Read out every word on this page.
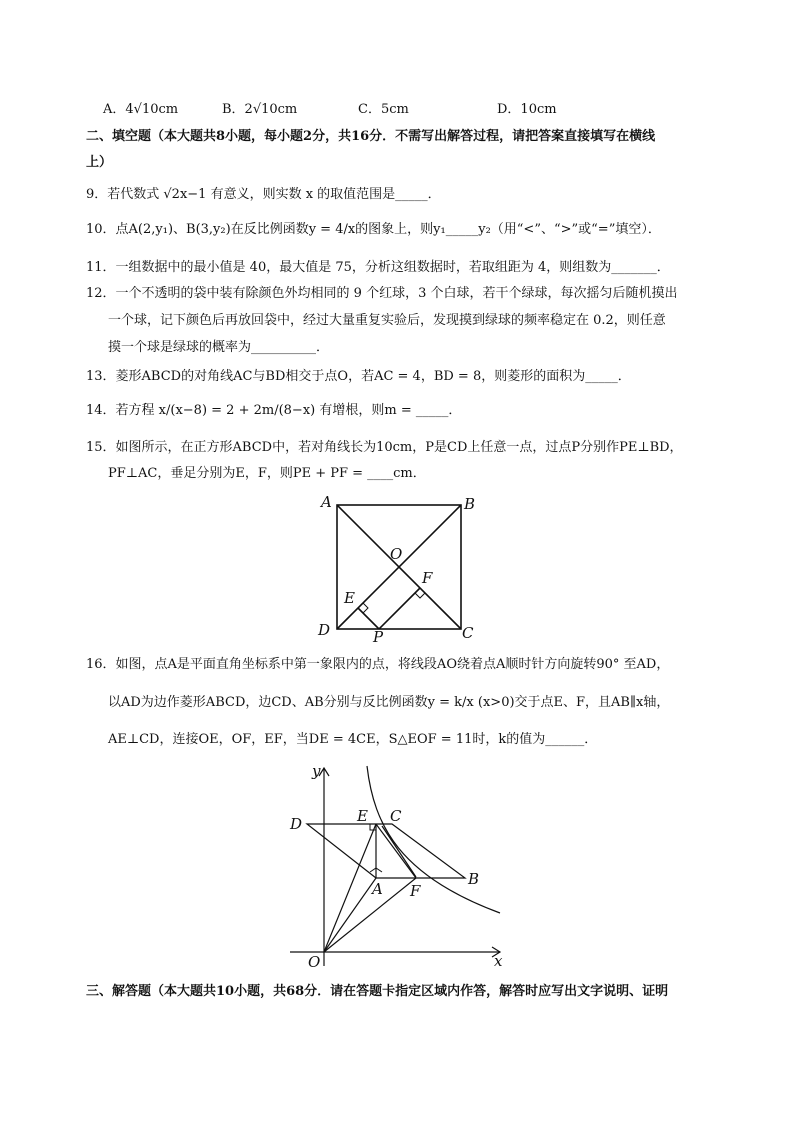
A．4√10cm	B．2√10cm	C．5cm	D．10cm
二、填空题（本大题共8小题，每小题2分，共16分．不需写出解答过程，请把答案直接填写在横线
上）
9．若代数式 √2x−1 有意义，则实数 x 的取值范围是_____．
10．点A(2,y₁)、B(3,y₂)在反比例函数y = 4/x的图象上，则y₁_____y₂（用“<”、“>”或“=”填空）．
11．一组数据中的最小值是 40，最大值是 75，分析这组数据时，若取组距为 4，则组数为_______．
12．一个不透明的袋中装有除颜色外均相同的 9 个红球，3 个白球，若干个绿球，每次摇匀后随机摸出
一个球，记下颜色后再放回袋中，经过大量重复实验后，发现摸到绿球的频率稳定在 0.2，则任意
摸一个球是绿球的概率为__________．
13．菱形ABCD的对角线AC与BD相交于点O，若AC = 4，BD = 8，则菱形的面积为_____．
14．若方程 x/(x−8) = 2 + 2m/(8−x) 有增根，则m = _____．
15．如图所示，在正方形ABCD中，若对角线长为10cm，P是CD上任意一点，过点P分别作PE⊥BD，
PF⊥AC，垂足分别为E，F，则PE + PF = ____cm．
A	B
C
D
O
E
F
P
16．如图，点A是平面直角坐标系中第一象限内的点，将线段AO绕着点A顺时针方向旋转90° 至AD，
以AD为边作菱形ABCD，边CD、AB分别与反比例函数y = k/x (x>0)交于点E、F，且AB∥x轴，
AE⊥CD，连接OE，OF，EF，当DE = 4CE，S△EOF = 11时，k的值为______．
y
x
O
D	E C
A F
B
三、解答题（本大题共10小题，共68分．请在答题卡指定区域内作答，解答时应写出文字说明、证明
